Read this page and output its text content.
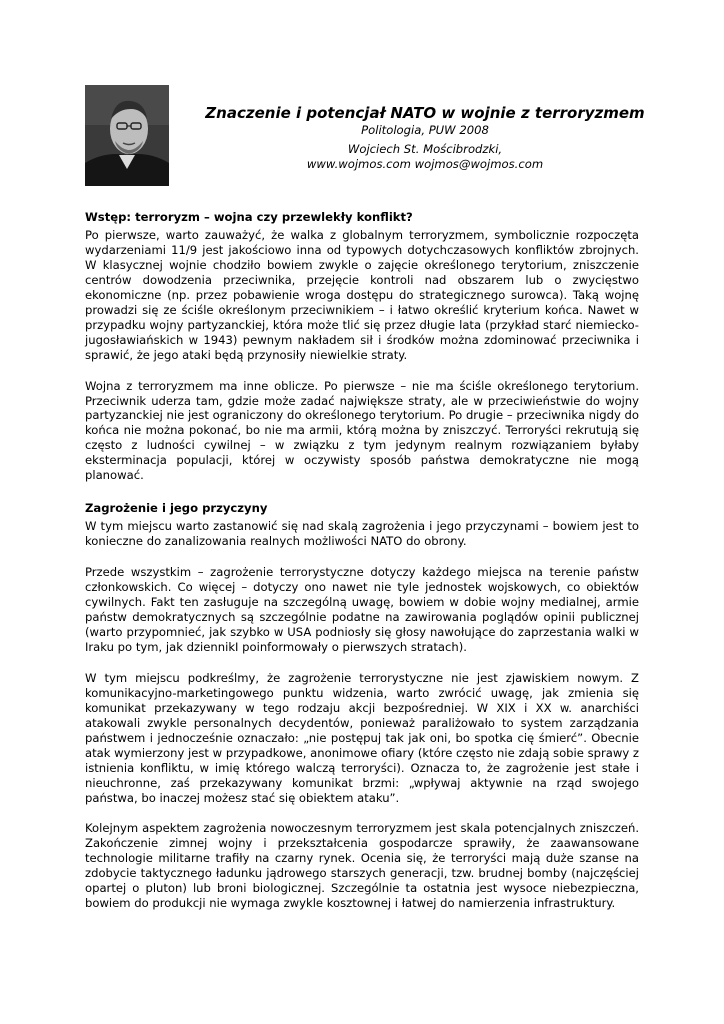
Znaczenie i potencjał NATO w wojnie z terroryzmem
Politologia, PUW 2008
Wojciech St. Mościbrodzki,
www.wojmos.com wojmos@wojmos.com
Wstęp: terroryzm – wojna czy przewlekły konflikt?

Po pierwsze, warto zauważyć, że walka z globalnym terroryzmem, symbolicznie rozpoczęta wydarzeniami 11/9 jest jakościowo inna od typowych dotychczasowych konfliktów zbrojnych. W klasycznej wojnie chodziło bowiem zwykle o zajęcie określonego terytorium, zniszczenie centrów dowodzenia przeciwnika, przejęcie kontroli nad obszarem lub o zwycięstwo ekonomiczne (np. przez pobawienie wroga dostępu do strategicznego surowca). Taką wojnę prowadzi się ze ściśle określonym przeciwnikiem – i łatwo określić kryterium końca. Nawet w przypadku wojny partyzanckiej, która może tlić się przez długie lata (przykład starć niemiecko-jugosławiańskich w 1943) pewnym nakładem sił i środków można zdominować przeciwnika i sprawić, że jego ataki będą przynosiły niewielkie straty.

Wojna z terroryzmem ma inne oblicze. Po pierwsze – nie ma ściśle określonego terytorium. Przeciwnik uderza tam, gdzie może zadać największe straty, ale w przeciwieństwie do wojny partyzanckiej nie jest ograniczony do określonego terytorium. Po drugie – przeciwnika nigdy do końca nie można pokonać, bo nie ma armii, którą można by zniszczyć. Terroryści rekrutują się często z ludności cywilnej – w związku z tym jedynym realnym rozwiązaniem byłaby eksterminacja populacji, której w oczywisty sposób państwa demokratyczne nie mogą planować.

Zagrożenie i jego przyczyny

W tym miejscu warto zastanowić się nad skalą zagrożenia i jego przyczynami – bowiem jest to konieczne do zanalizowania realnych możliwości NATO do obrony.

Przede wszystkim – zagrożenie terrorystyczne dotyczy każdego miejsca na terenie państw członkowskich. Co więcej – dotyczy ono nawet nie tyle jednostek wojskowych, co obiektów cywilnych. Fakt ten zasługuje na szczególną uwagę, bowiem w dobie wojny medialnej, armie państw demokratycznych są szczególnie podatne na zawirowania poglądów opinii publicznej (warto przypomnieć, jak szybko w USA podniosły się głosy nawołujące do zaprzestania walki w Iraku po tym, jak dziennikI poinformowały o pierwszych stratach).

W tym miejscu podkreślmy, że zagrożenie terrorystyczne nie jest zjawiskiem nowym. Z komunikacyjno-marketingowego punktu widzenia, warto zwrócić uwagę, jak zmienia się komunikat przekazywany w tego rodzaju akcji bezpośredniej. W XIX i XX w. anarchiści atakowali zwykle personalnych decydentów, ponieważ paraliżowało to system zarządzania państwem i jednocześnie oznaczało: „nie postępuj tak jak oni, bo spotka cię śmierć”. Obecnie atak wymierzony jest w przypadkowe, anonimowe ofiary (które często nie zdają sobie sprawy z istnienia konfliktu, w imię którego walczą terroryści). Oznacza to, że zagrożenie jest stałe i nieuchronne, zaś przekazywany komunikat brzmi: „wpływaj aktywnie na rząd swojego państwa, bo inaczej możesz stać się obiektem ataku”.

Kolejnym aspektem zagrożenia nowoczesnym terroryzmem jest skala potencjalnych zniszczeń. Zakończenie zimnej wojny i przekształcenia gospodarcze sprawiły, że zaawansowane technologie militarne trafiły na czarny rynek. Ocenia się, że terroryści mają duże szanse na zdobycie taktycznego ładunku jądrowego starszych generacji, tzw. brudnej bomby (najczęściej opartej o pluton) lub broni biologicznej. Szczególnie ta ostatnia jest wysoce niebezpieczna, bowiem do produkcji nie wymaga zwykle kosztownej i łatwej do namierzenia infrastruktury.
